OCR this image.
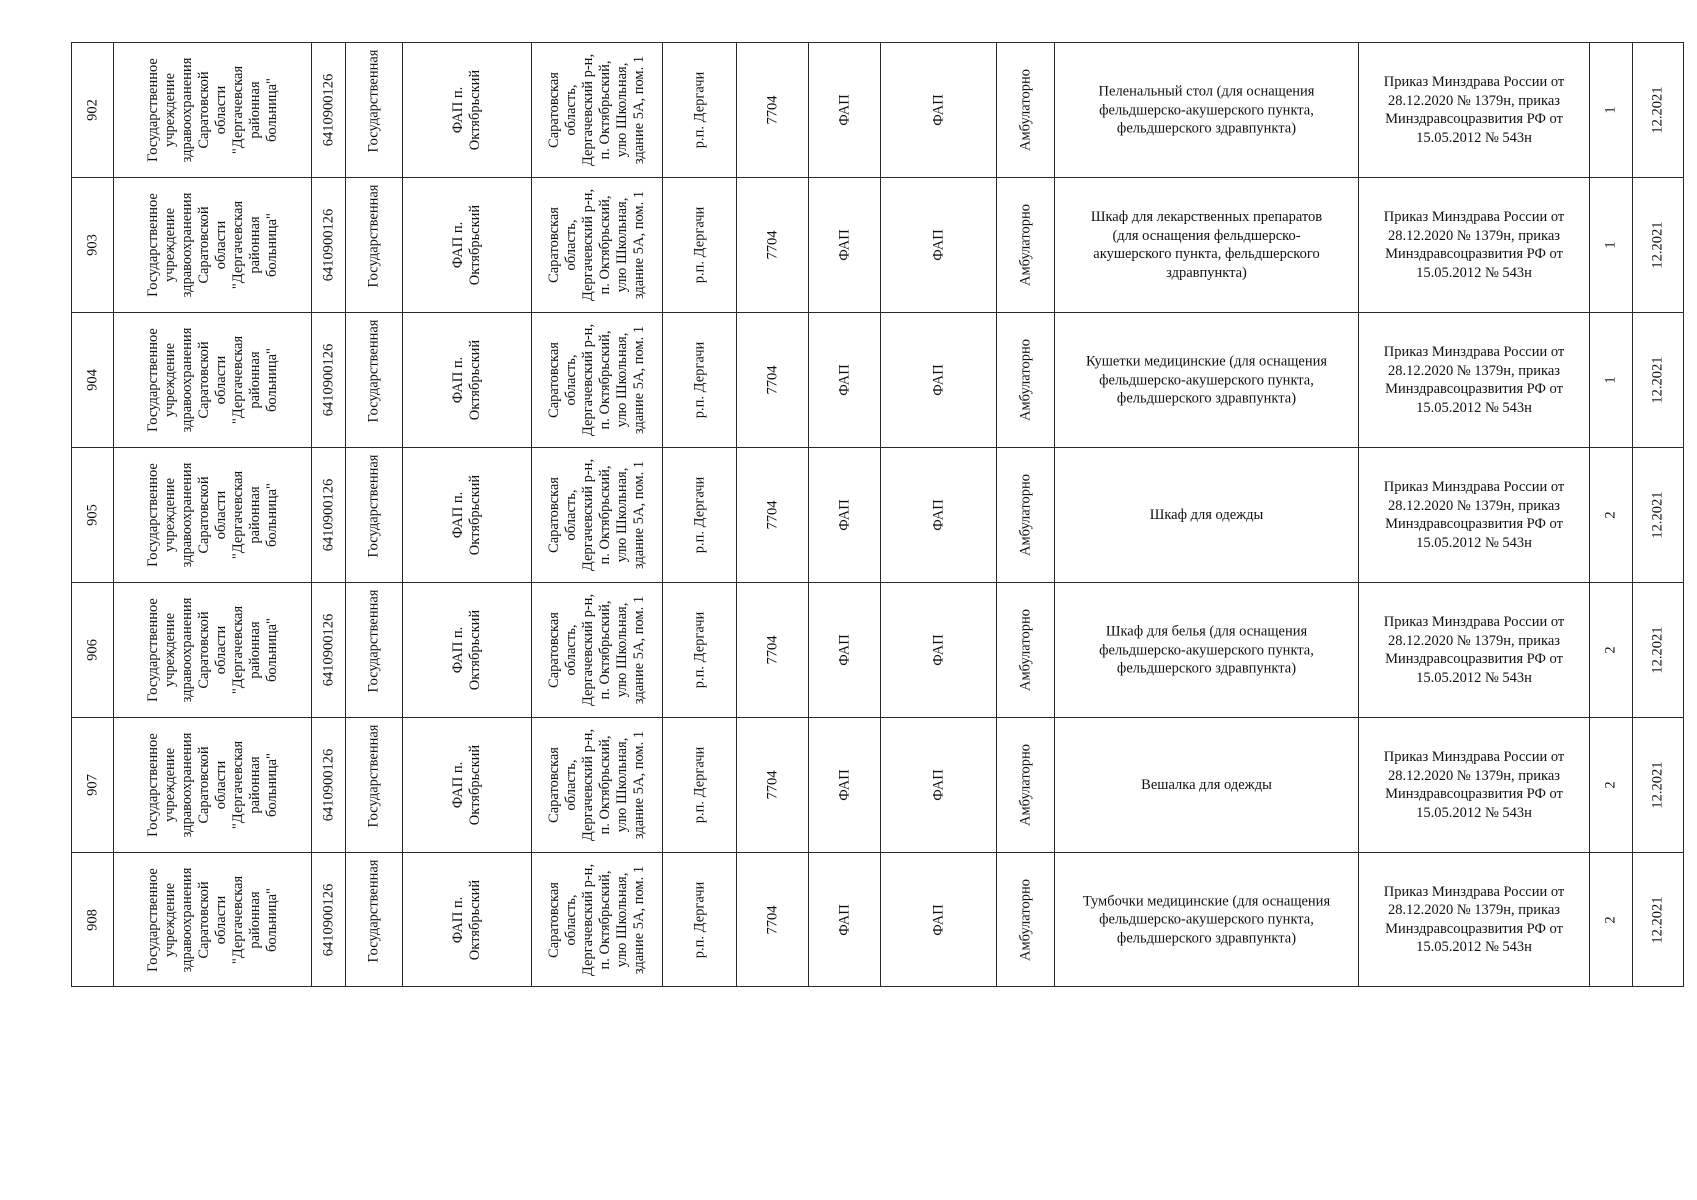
902	Государственное
учреждение
здравоохранения
Саратовской
области
"Дергачевская
районная
больница"	6410900126 Государственная	ФАП п.
Октябрьский	Саратовская
область,
Дергачевский р-н,
п. Октябрьский,
улю Школьная,
здание 5А, пом. 1
р.п. Дергачи	7704	ФАП	ФАП	Амбулаторно	Пеленальный стол (для оснащения
фельдшерско-акушерского пункта,
фельдшерского здравпункта)
Приказ Минздрава России от
28.12.2020 № 1379н, приказ
Минздравсоцразвития РФ от
15.05.2012 № 543н
1 12.2021
903	Государственное
учреждение
здравоохранения
Саратовской
области
"Дергачевская
районная
больница"	6410900126 Государственная	ФАП п.
Октябрьский	Саратовская
область,
Дергачевский р-н,
п. Октябрьский,
улю Школьная,
здание 5А, пом. 1
р.п. Дергачи	7704	ФАП	ФАП	Амбулаторно	Шкаф для лекарственных препаратов
(для оснащения фельдшерско-
акушерского пункта, фельдшерского
здравпункта)
Приказ Минздрава России от
28.12.2020 № 1379н, приказ
Минздравсоцразвития РФ от
15.05.2012 № 543н
1 12.2021
904	Государственное
учреждение
здравоохранения
Саратовской
области
"Дергачевская
районная
больница"	6410900126 Государственная	ФАП п.
Октябрьский	Саратовская
область,
Дергачевский р-н,
п. Октябрьский,
улю Школьная,
здание 5А, пом. 1
р.п. Дергачи	7704	ФАП	ФАП	Амбулаторно	Кушетки медицинские (для оснащения
фельдшерско-акушерского пункта,
фельдшерского здравпункта)
Приказ Минздрава России от
28.12.2020 № 1379н, приказ
Минздравсоцразвития РФ от
15.05.2012 № 543н
1 12.2021
905	Государственное
учреждение
здравоохранения
Саратовской
области
"Дергачевская
районная
больница"	6410900126 Государственная	ФАП п.
Октябрьский	Саратовская
область,
Дергачевский р-н,
п. Октябрьский,
улю Школьная,
здание 5А, пом. 1
р.п. Дергачи	7704	ФАП	ФАП	Амбулаторно	Шкаф для одежды
Приказ Минздрава России от
28.12.2020 № 1379н, приказ
Минздравсоцразвития РФ от
15.05.2012 № 543н
2 12.2021
906	Государственное
учреждение
здравоохранения
Саратовской
области
"Дергачевская
районная
больница"	6410900126 Государственная	ФАП п.
Октябрьский	Саратовская
область,
Дергачевский р-н,
п. Октябрьский,
улю Школьная,
здание 5А, пом. 1
р.п. Дергачи	7704	ФАП	ФАП	Амбулаторно	Шкаф для белья (для оснащения
фельдшерско-акушерского пункта,
фельдшерского здравпункта)
Приказ Минздрава России от
28.12.2020 № 1379н, приказ
Минздравсоцразвития РФ от
15.05.2012 № 543н
2 12.2021
907	Государственное
учреждение
здравоохранения
Саратовской
области
"Дергачевская
районная
больница"	6410900126 Государственная	ФАП п.
Октябрьский	Саратовская
область,
Дергачевский р-н,
п. Октябрьский,
улю Школьная,
здание 5А, пом. 1
р.п. Дергачи	7704	ФАП	ФАП	Амбулаторно	Вешалка для одежды
Приказ Минздрава России от
28.12.2020 № 1379н, приказ
Минздравсоцразвития РФ от
15.05.2012 № 543н
2 12.2021
908	Государственное
учреждение
здравоохранения
Саратовской
области
"Дергачевская
районная
больница"	6410900126 Государственная	ФАП п.
Октябрьский	Саратовская
область,
Дергачевский р-н,
п. Октябрьский,
улю Школьная,
здание 5А, пом. 1
р.п. Дергачи	7704	ФАП	ФАП	Амбулаторно	Тумбочки медицинские (для оснащения
фельдшерско-акушерского пункта,
фельдшерского здравпункта)
Приказ Минздрава России от
28.12.2020 № 1379н, приказ
Минздравсоцразвития РФ от
15.05.2012 № 543н
2 12.2021
